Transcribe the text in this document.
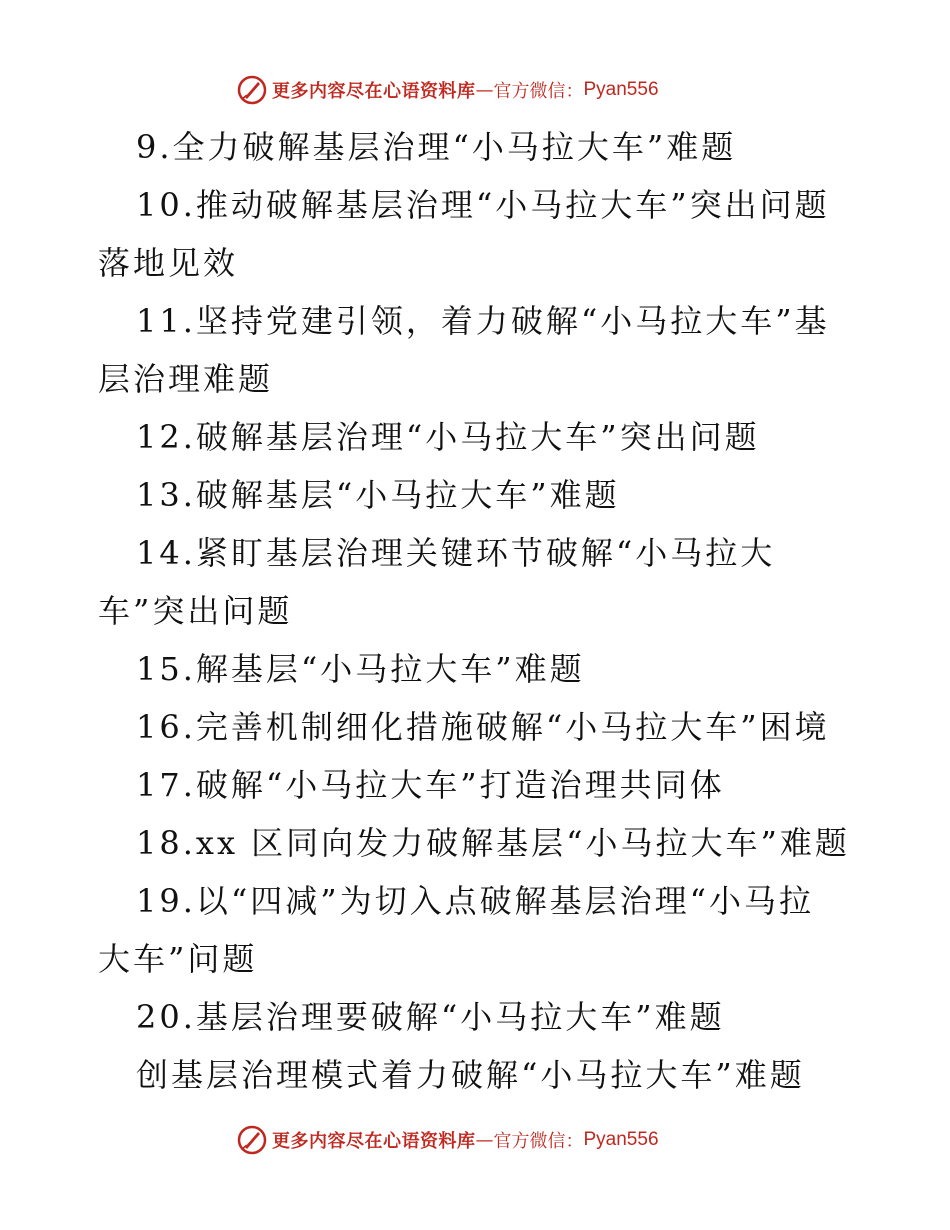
更多内容尽在心语资料库 — 官方微信： Pyan556
9.全力破解基层治理“小马拉大车”难题
10.推动破解基层治理“小马拉大车”突出问题
落地见效
11.坚持党建引领，着力破解“小马拉大车”基
层治理难题
12.破解基层治理“小马拉大车”突出问题
13.破解基层“小马拉大车”难题
14.紧盯基层治理关键环节破解“小马拉大
车”突出问题
15.解基层“小马拉大车”难题
16.完善机制细化措施破解“小马拉大车”困境
17.破解“小马拉大车”打造治理共同体
18.xx 区同向发力破解基层“小马拉大车”难题
19.以“四减”为切入点破解基层治理“小马拉
大车”问题
20.基层治理要破解“小马拉大车”难题
创基层治理模式着力破解“小马拉大车”难题
更多内容尽在心语资料库 — 官方微信： Pyan556
